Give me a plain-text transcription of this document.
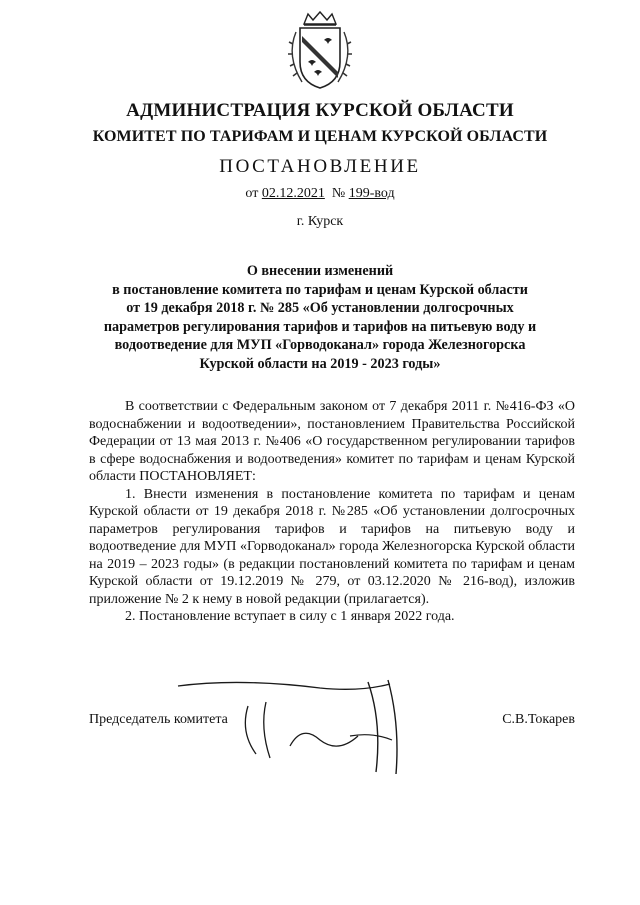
АДМИНИСТРАЦИЯ КУРСКОЙ ОБЛАСТИ
КОМИТЕТ ПО ТАРИФАМ И ЦЕНАМ КУРСКОЙ ОБЛАСТИ
ПОСТАНОВЛЕНИЕ
от 02.12.2021 № 199-вод
г. Курск
О внесении изменений
в постановление комитета по тарифам и ценам Курской области
от 19 декабря 2018 г. № 285 «Об установлении долгосрочных
параметров регулирования тарифов и тарифов на питьевую воду и
водоотведение для МУП «Горводоканал» города Железногорска
Курской области на 2019 - 2023 годы»

В соответствии с Федеральным законом от 7 декабря 2011 г. №416-ФЗ «О водоснабжении и водоотведении», постановлением Правительства Российской Федерации от 13 мая 2013 г. №406 «О государственном регулировании тарифов в сфере водоснабжения и водоотведения» комитет по тарифам и ценам Курской области ПОСТАНОВЛЯЕТ:

1. Внести изменения в постановление комитета по тарифам и ценам Курской области от 19 декабря 2018 г. №285 «Об установлении долгосрочных параметров регулирования тарифов и тарифов на питьевую воду и водоотведение для МУП «Горводоканал» города Железногорска Курской области на 2019 – 2023 годы» (в редакции постановлений комитета по тарифам и ценам Курской области от 19.12.2019 № 279, от 03.12.2020 № 216-вод), изложив приложение № 2 к нему в новой редакции (прилагается).

2. Постановление вступает в силу с 1 января 2022 года.

Председатель комитета	С.В.Токарев
